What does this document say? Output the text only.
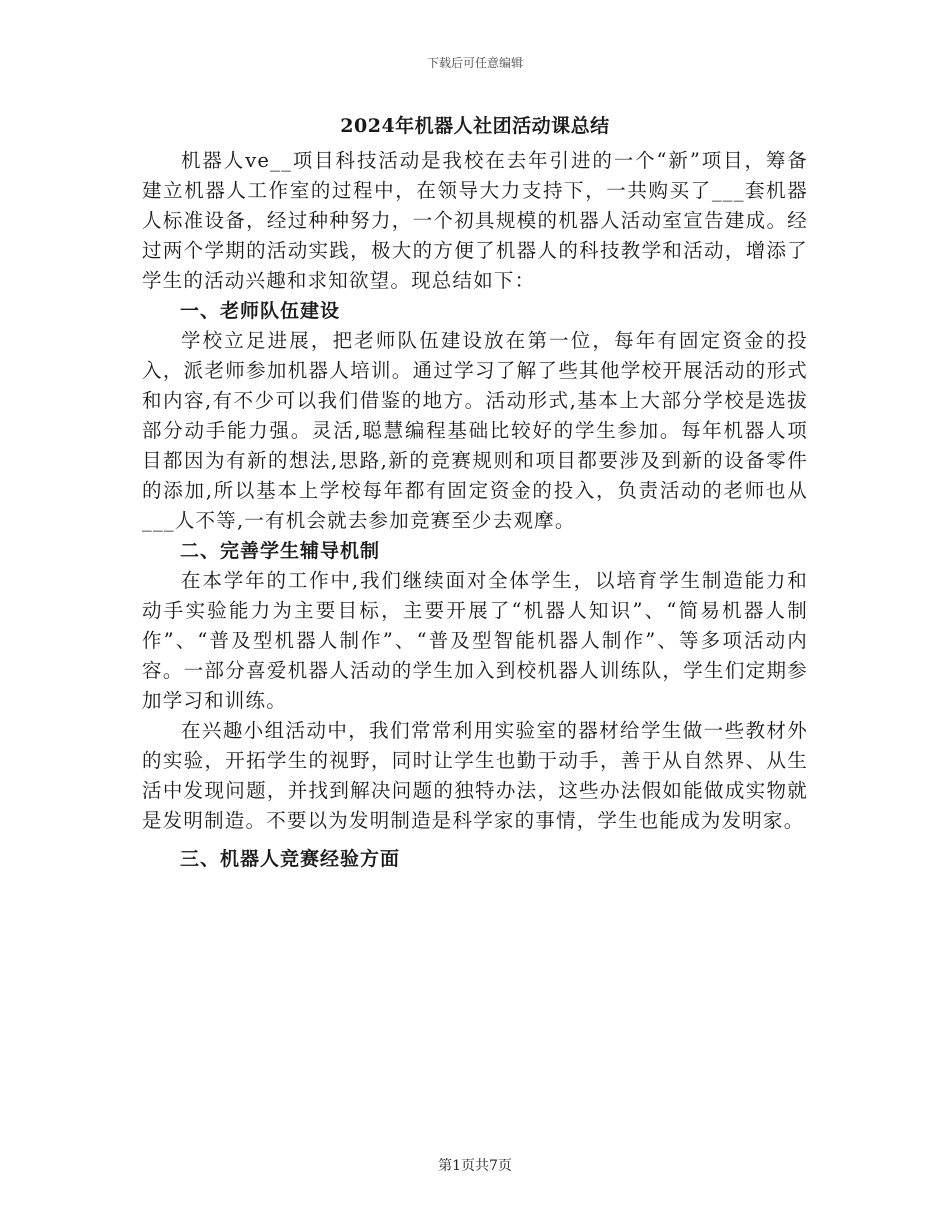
下载后可任意编辑
2024年机器人社团活动课总结

机器人ve__项目科技活动是我校在去年引进的一个“新”项目，筹备建立机器人工作室的过程中，在领导大力支持下，一共购买了___套机器人标准设备，经过种种努力，一个初具规模的机器人活动室宣告建成。经过两个学期的活动实践，极大的方便了机器人的科技教学和活动，增添了学生的活动兴趣和求知欲望。现总结如下：

一、老师队伍建设

学校立足进展，把老师队伍建设放在第一位，每年有固定资金的投入，派老师参加机器人培训。通过学习了解了些其他学校开展活动的形式和内容,有不少可以我们借鉴的地方。活动形式,基本上大部分学校是选拔部分动手能力强。灵活,聪慧编程基础比较好的学生参加。每年机器人项目都因为有新的想法,思路,新的竞赛规则和项目都要涉及到新的设备零件的添加,所以基本上学校每年都有固定资金的投入，负责活动的老师也从___人不等,一有机会就去参加竞赛至少去观摩。

二、完善学生辅导机制

在本学年的工作中,我们继续面对全体学生，以培育学生制造能力和动手实验能力为主要目标，主要开展了“机器人知识”、“简易机器人制作”、“普及型机器人制作”、“普及型智能机器人制作”、等多项活动内容。一部分喜爱机器人活动的学生加入到校机器人训练队，学生们定期参加学习和训练。

在兴趣小组活动中，我们常常利用实验室的器材给学生做一些教材外的实验，开拓学生的视野，同时让学生也勤于动手，善于从自然界、从生活中发现问题，并找到解决问题的独特办法，这些办法假如能做成实物就是发明制造。不要以为发明制造是科学家的事情，学生也能成为发明家。

三、机器人竞赛经验方面

第1页共7页
